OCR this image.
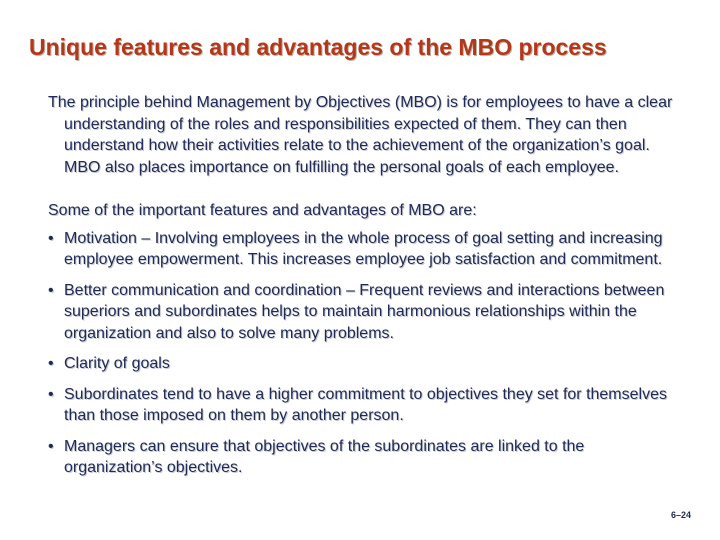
Unique features and advantages of the MBO process

The principle behind Management by Objectives (MBO) is for employees to have a clear understanding of the roles and responsibilities expected of them. They can then understand how their activities relate to the achievement of the organization’s goal. MBO also places importance on fulfilling the personal goals of each employee.

Some of the important features and advantages of MBO are:

• Motivation – Involving employees in the whole process of goal setting and increasing employee empowerment. This increases employee job satisfaction and commitment.
• Better communication and coordination – Frequent reviews and interactions between superiors and subordinates helps to maintain harmonious relationships within the organization and also to solve many problems.
• Clarity of goals
• Subordinates tend to have a higher commitment to objectives they set for themselves than those imposed on them by another person.
• Managers can ensure that objectives of the subordinates are linked to the organization’s objectives.
6–24
